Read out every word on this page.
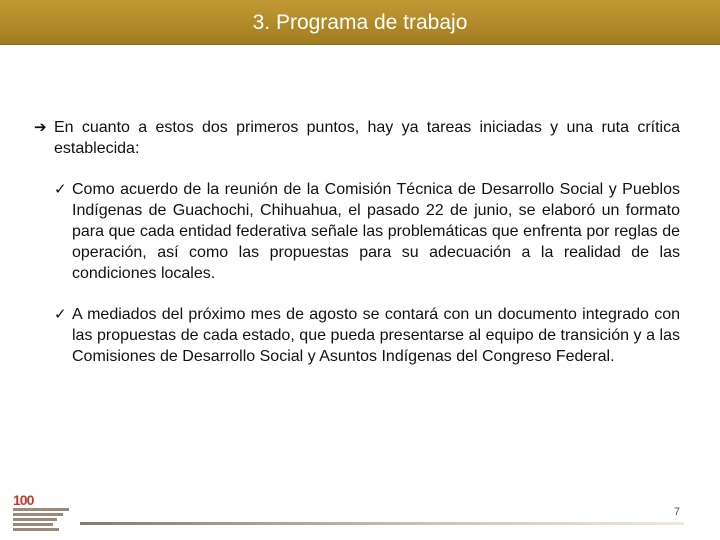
3. Programa de trabajo
➔ En cuanto a estos dos primeros puntos, hay ya tareas iniciadas y una ruta crítica establecida:
✓ Como acuerdo de la reunión de la Comisión Técnica de Desarrollo Social y Pueblos Indígenas de Guachochi, Chihuahua, el pasado 22 de junio, se elaboró un formato para que cada entidad federativa señale las problemáticas que enfrenta por reglas de operación, así como las propuestas para su adecuación a la realidad de las condiciones locales.
✓ A mediados del próximo mes de agosto se contará con un documento integrado con las propuestas de cada estado, que pueda presentarse al equipo de transición y a las Comisiones de Desarrollo Social y Asuntos Indígenas del Congreso Federal.
100
7
